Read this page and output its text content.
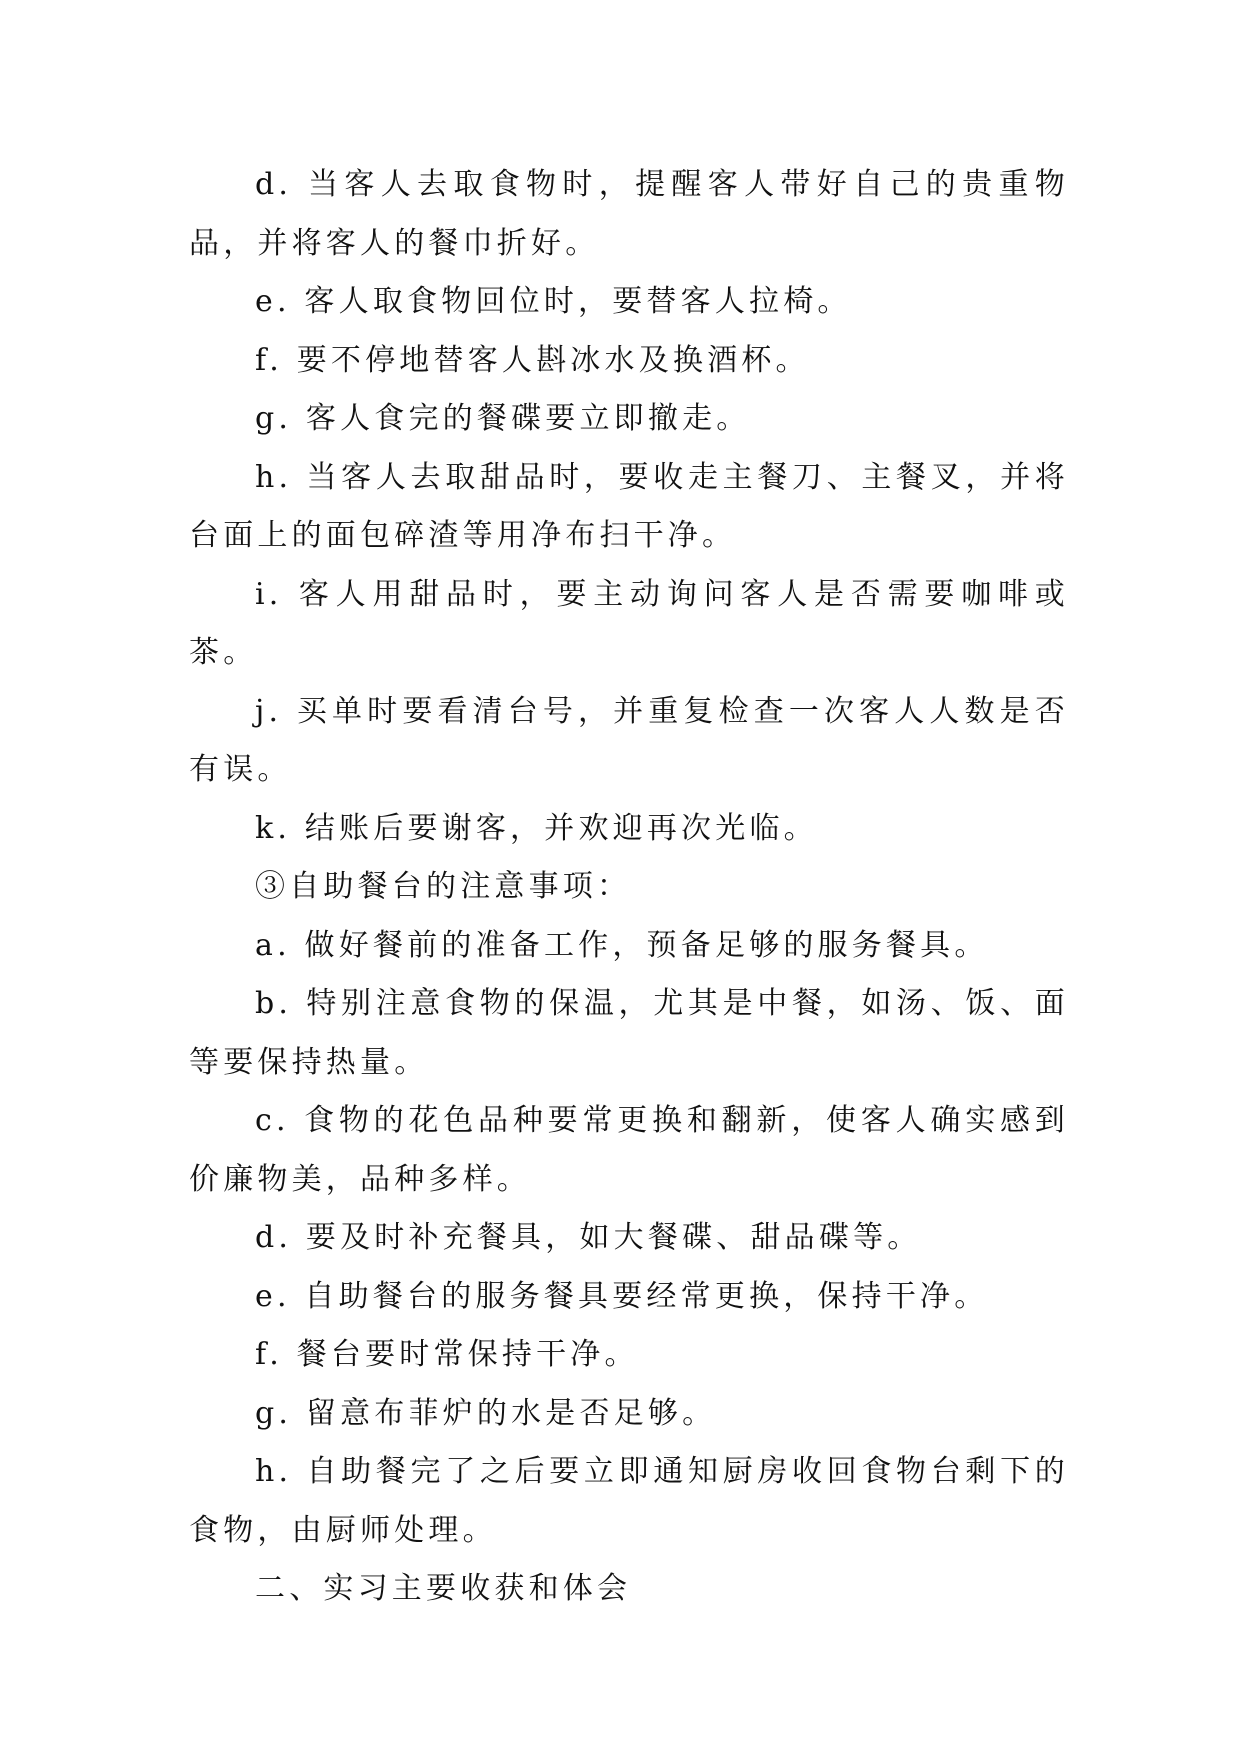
d. 当客人去取食物时，提醒客人带好自己的贵重物品，并将客人的餐巾折好。

e. 客人取食物回位时，要替客人拉椅。

f. 要不停地替客人斟冰水及换酒杯。

g. 客人食完的餐碟要立即撤走。

h. 当客人去取甜品时，要收走主餐刀、主餐叉，并将台面上的面包碎渣等用净布扫干净。

i. 客人用甜品时，要主动询问客人是否需要咖啡或茶。

j. 买单时要看清台号，并重复检查一次客人人数是否有误。

k. 结账后要谢客，并欢迎再次光临。

③自助餐台的注意事项：

a. 做好餐前的准备工作，预备足够的服务餐具。

b. 特别注意食物的保温，尤其是中餐，如汤、饭、面等要保持热量。

c. 食物的花色品种要常更换和翻新，使客人确实感到价廉物美，品种多样。

d. 要及时补充餐具，如大餐碟、甜品碟等。

e. 自助餐台的服务餐具要经常更换，保持干净。

f. 餐台要时常保持干净。

g. 留意布菲炉的水是否足够。

h. 自助餐完了之后要立即通知厨房收回食物台剩下的食物，由厨师处理。

二、实习主要收获和体会
